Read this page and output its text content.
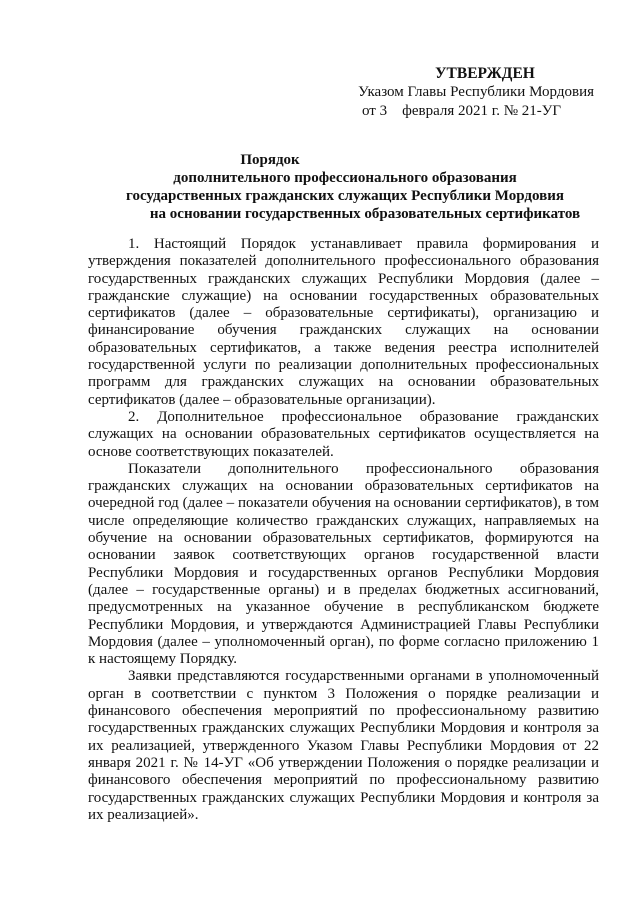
УТВЕРЖДЕН
Указом Главы Республики Мордовия
от 3    февраля 2021 г. № 21-УГ
Порядок
дополнительного профессионального образования
государственных гражданских служащих Республики Мордовия
на основании государственных образовательных сертификатов

1. Настоящий Порядок устанавливает правила формирования и утверждения показателей дополнительного профессионального образования государственных гражданских служащих Республики Мордовия (далее – гражданские служащие) на основании государственных образовательных сертификатов (далее – образовательные сертификаты), организацию и финансирование обучения гражданских служащих на основании образовательных сертификатов, а также ведения реестра исполнителей государственной услуги по реализации дополнительных профессиональных программ для гражданских служащих на основании образовательных сертификатов (далее – образовательные организации).

2. Дополнительное профессиональное образование гражданских служащих на основании образовательных сертификатов осуществляется на основе соответствующих показателей.

Показатели дополнительного профессионального образования гражданских служащих на основании образовательных сертификатов на очередной год (далее – показатели обучения на основании сертификатов), в том числе определяющие количество гражданских служащих, направляемых на обучение на основании образовательных сертификатов, формируются на основании заявок соответствующих органов государственной власти Республики Мордовия и государственных органов Республики Мордовия (далее – государственные органы) и в пределах бюджетных ассигнований, предусмотренных на указанное обучение в республиканском бюджете Республики Мордовия, и утверждаются Администрацией Главы Республики Мордовия (далее – уполномоченный орган), по форме согласно приложению 1 к настоящему Порядку.

Заявки представляются государственными органами в уполномоченный орган в соответствии с пунктом 3 Положения о порядке реализации и финансового обеспечения мероприятий по профессиональному развитию государственных гражданских служащих Республики Мордовия и контроля за их реализацией, утвержденного Указом Главы Республики Мордовия от 22 января 2021 г. № 14-УГ «Об утверждении Положения о порядке реализации и финансового обеспечения мероприятий по профессиональному развитию государственных гражданских служащих Республики Мордовия и контроля за их реализацией».
